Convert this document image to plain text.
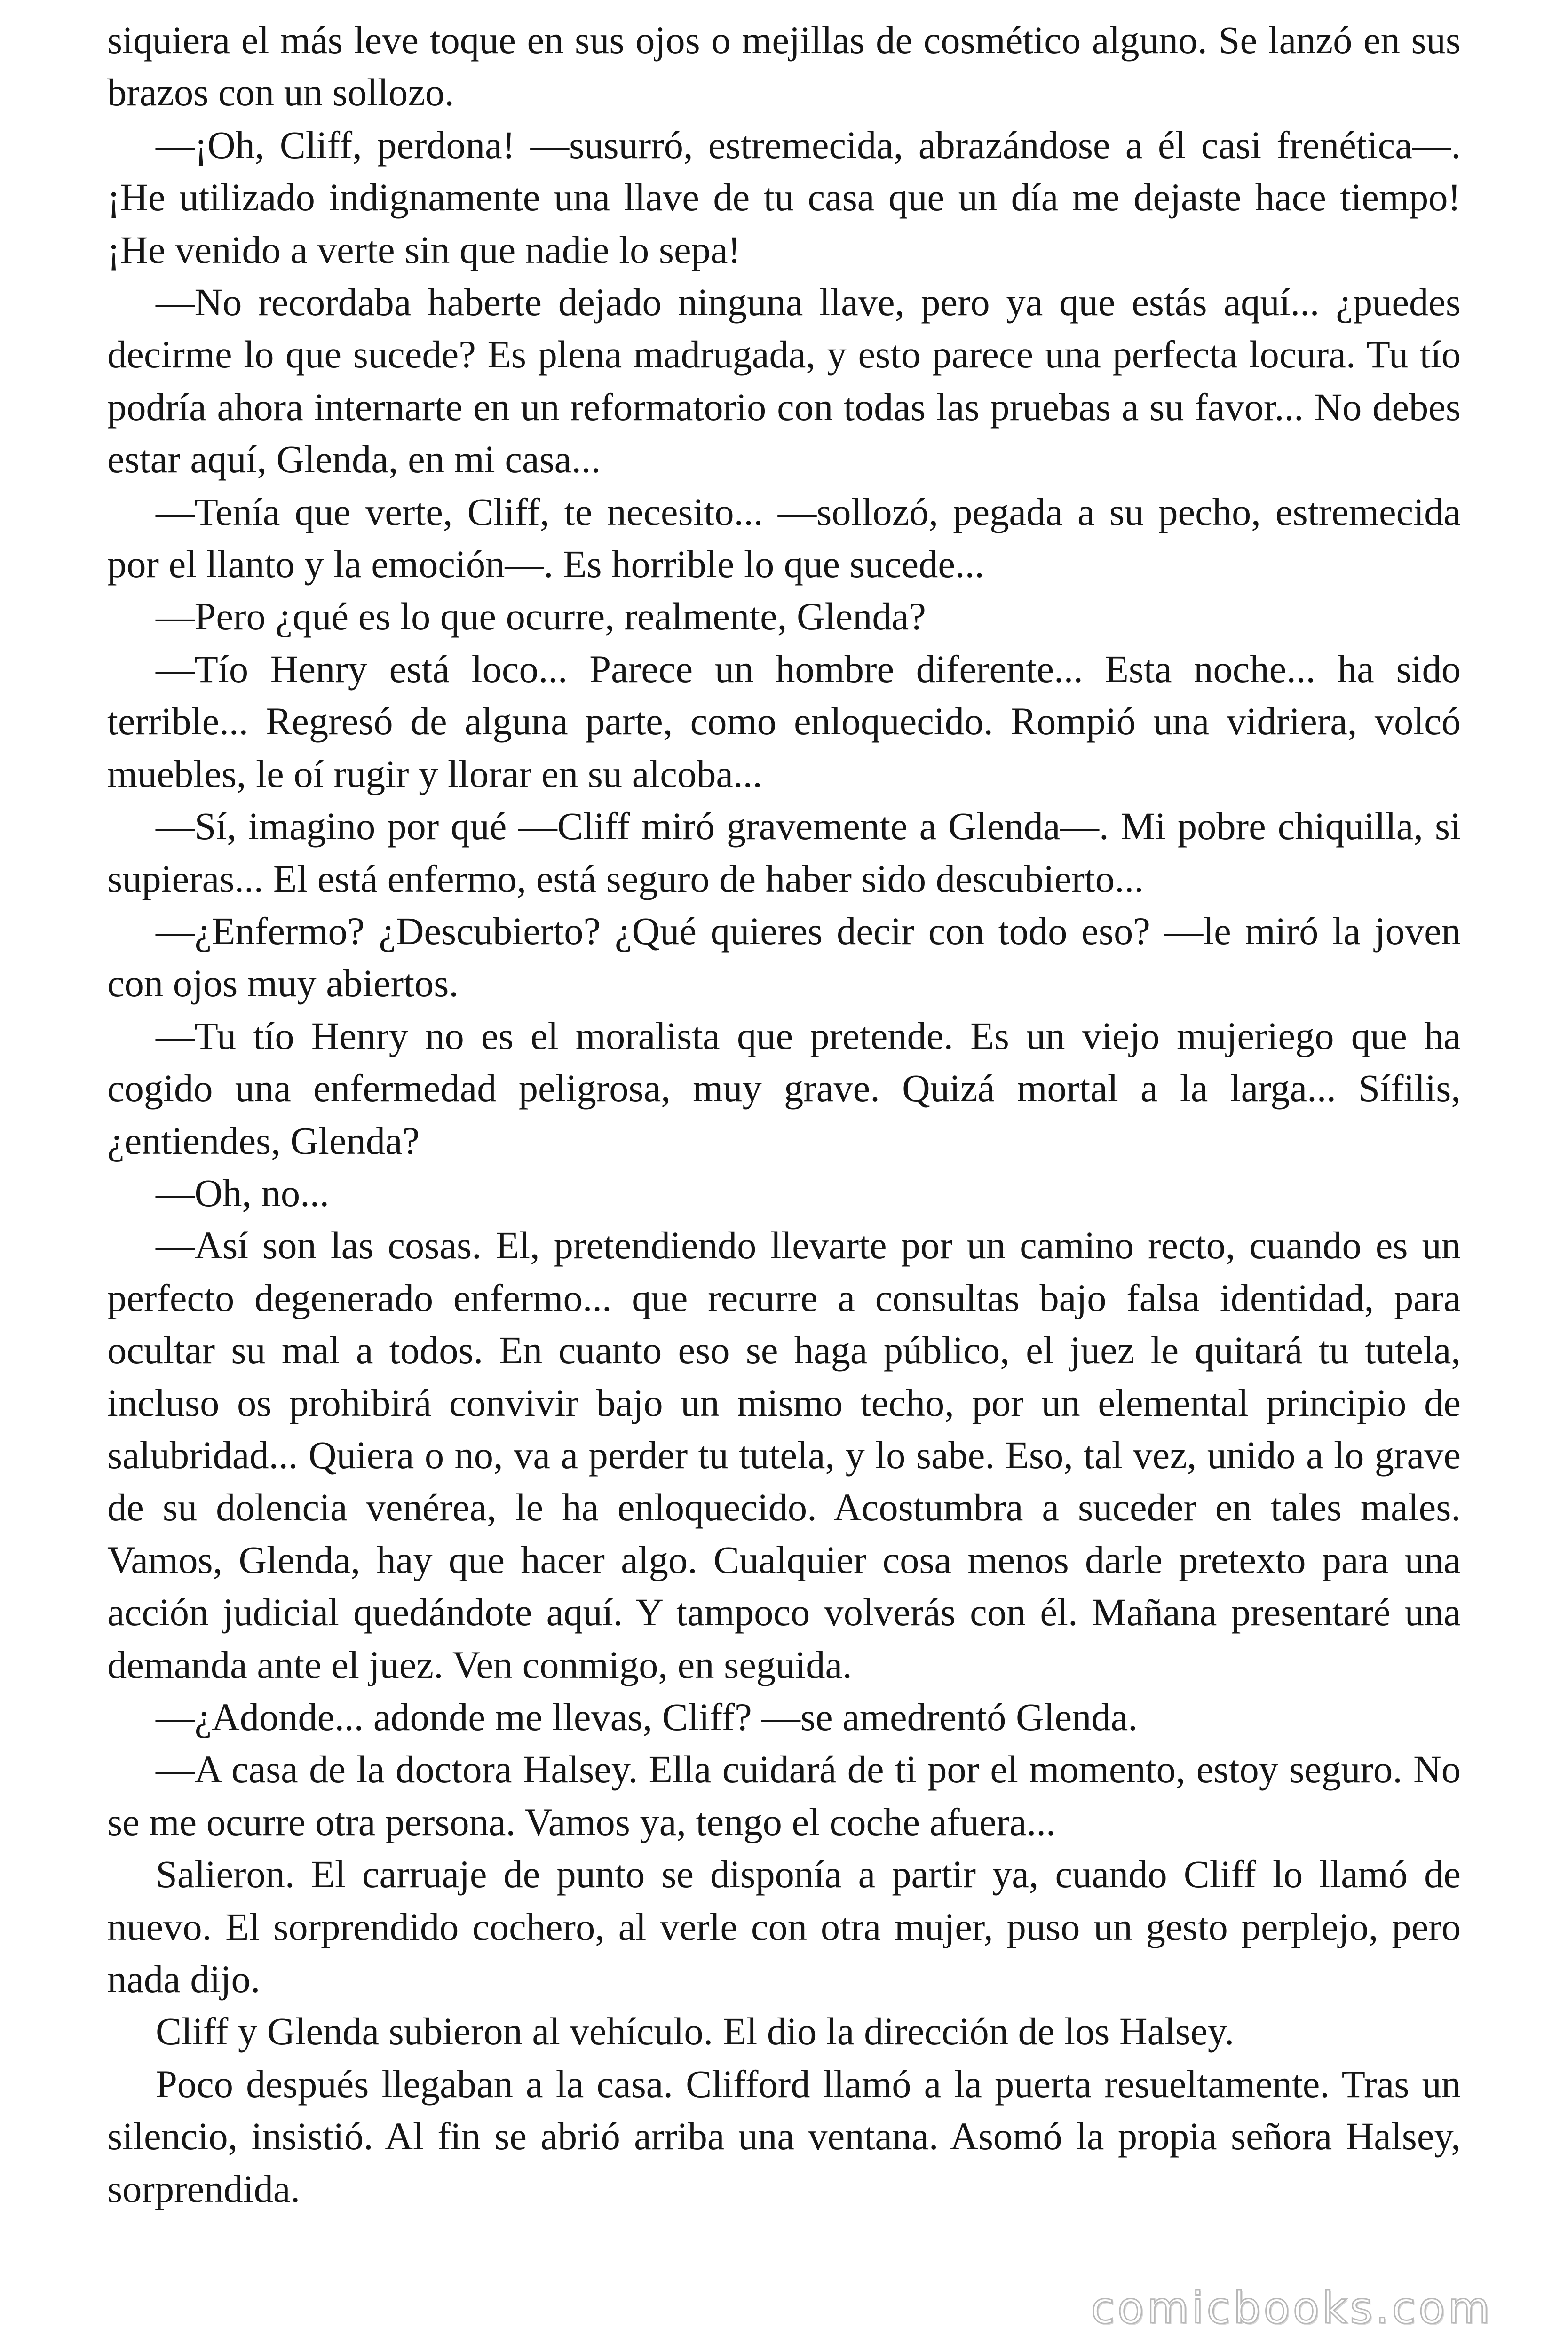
siquiera el más leve toque en sus ojos o mejillas de cosmético alguno. Se lanzó en sus brazos con un sollozo.

—¡Oh, Cliff, perdona! —susurró, estremecida, abrazándose a él casi frenética—. ¡He utilizado indignamente una llave de tu casa que un día me dejaste hace tiempo! ¡He venido a verte sin que nadie lo sepa!

—No recordaba haberte dejado ninguna llave, pero ya que estás aquí... ¿puedes decirme lo que sucede? Es plena madrugada, y esto parece una perfecta locura. Tu tío podría ahora internarte en un reformatorio con todas las pruebas a su favor... No debes estar aquí, Glenda, en mi casa...

—Tenía que verte, Cliff, te necesito... —sollozó, pegada a su pecho, estremecida por el llanto y la emoción—. Es horrible lo que sucede...

—Pero ¿qué es lo que ocurre, realmente, Glenda?

—Tío Henry está loco... Parece un hombre diferente... Esta noche... ha sido terrible... Regresó de alguna parte, como enloquecido. Rompió una vidriera, volcó muebles, le oí rugir y llorar en su alcoba...

—Sí, imagino por qué —Cliff miró gravemente a Glenda—. Mi pobre chiquilla, si supieras... El está enfermo, está seguro de haber sido descubierto...

—¿Enfermo? ¿Descubierto? ¿Qué quieres decir con todo eso? —le miró la joven con ojos muy abiertos.

—Tu tío Henry no es el moralista que pretende. Es un viejo mujeriego que ha cogido una enfermedad peligrosa, muy grave. Quizá mortal a la larga... Sífilis, ¿entiendes, Glenda?

—Oh, no...

—Así son las cosas. El, pretendiendo llevarte por un camino recto, cuando es un perfecto degenerado enfermo... que recurre a consultas bajo falsa identidad, para ocultar su mal a todos. En cuanto eso se haga público, el juez le quitará tu tutela, incluso os prohibirá convivir bajo un mismo techo, por un elemental principio de salubridad... Quiera o no, va a perder tu tutela, y lo sabe. Eso, tal vez, unido a lo grave de su dolencia venérea, le ha enloquecido. Acostumbra a suceder en tales males. Vamos, Glenda, hay que hacer algo. Cualquier cosa menos darle pretexto para una acción judicial quedándote aquí. Y tampoco volverás con él. Mañana presentaré una demanda ante el juez. Ven conmigo, en seguida.

—¿Adonde... adonde me llevas, Cliff? —se amedrentó Glenda.

—A casa de la doctora Halsey. Ella cuidará de ti por el momento, estoy seguro. No se me ocurre otra persona. Vamos ya, tengo el coche afuera...

Salieron. El carruaje de punto se disponía a partir ya, cuando Cliff lo llamó de nuevo. El sorprendido cochero, al verle con otra mujer, puso un gesto perplejo, pero nada dijo.

Cliff y Glenda subieron al vehículo. El dio la dirección de los Halsey.

Poco después llegaban a la casa. Clifford llamó a la puerta resueltamente. Tras un silencio, insistió. Al fin se abrió arriba una ventana. Asomó la propia señora Halsey, sorprendida.

comicbooks.com
